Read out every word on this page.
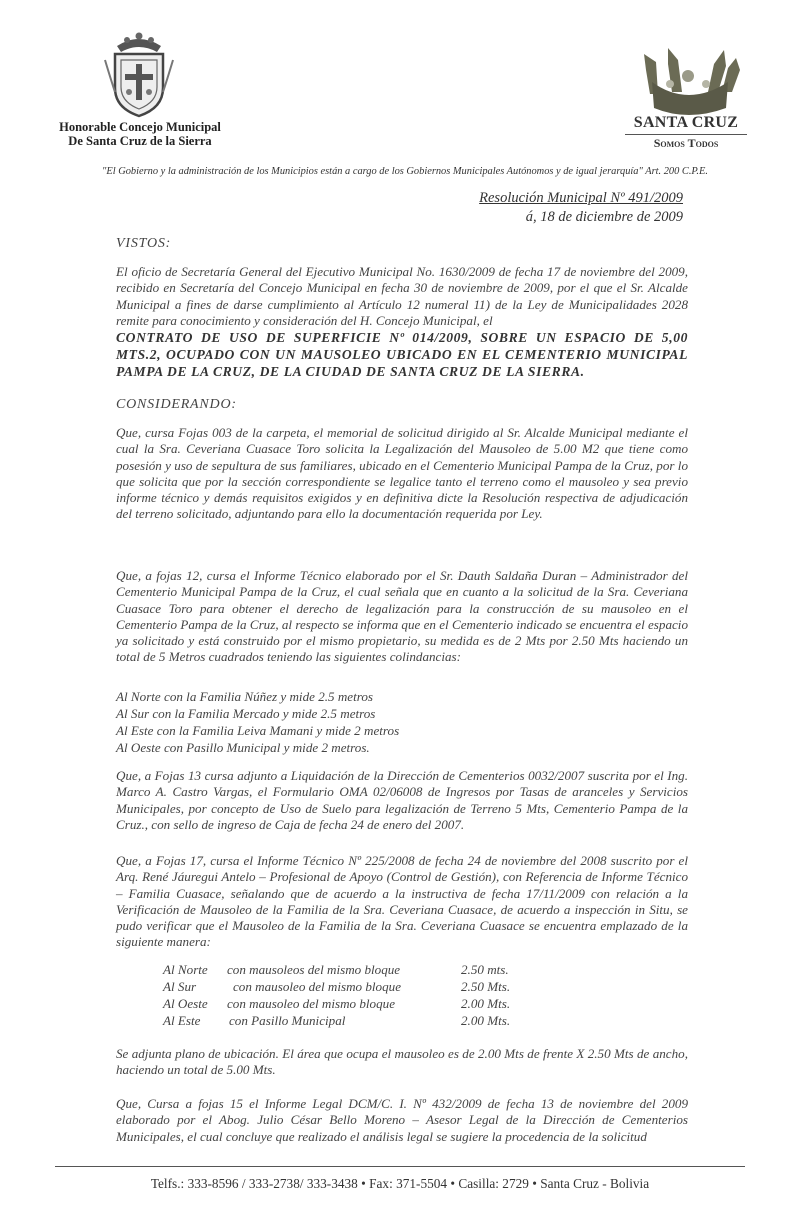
Honorable Concejo Municipal
De Santa Cruz de la Sierra
SANTA CRUZ
Somos Todos
"El Gobierno y la administración de los Municipios están a cargo de los Gobiernos Municipales Autónomos y de igual jerarquía" Art. 200 C.P.E.
Resolución Municipal Nº 491/2009
á, 18 de diciembre de 2009
VISTOS:

El oficio de Secretaría General del Ejecutivo Municipal No. 1630/2009 de fecha 17 de noviembre del 2009, recibido en Secretaría del Concejo Municipal en fecha 30 de noviembre de 2009, por el que el Sr. Alcalde Municipal a fines de darse cumplimiento al Artículo 12 numeral 11) de la Ley de Municipalidades 2028 remite para conocimiento y consideración del H. Concejo Municipal, el

CONTRATO DE USO DE SUPERFICIE Nº 014/2009, SOBRE UN ESPACIO DE 5,00 MTS.2, OCUPADO CON UN MAUSOLEO UBICADO EN EL CEMENTERIO MUNICIPAL PAMPA DE LA CRUZ, DE LA CIUDAD DE SANTA CRUZ DE LA SIERRA.

CONSIDERANDO:
Que, cursa Fojas 003 de la carpeta, el memorial de solicitud dirigido al Sr. Alcalde Municipal mediante el cual la Sra. Ceveriana Cuasace Toro solicita la Legalización del Mausoleo de 5.00 M2 que tiene como posesión y uso de sepultura de sus familiares, ubicado en el Cementerio Municipal Pampa de la Cruz, por lo que solicita que por la sección correspondiente se legalice tanto el terreno como el mausoleo y sea previo informe técnico y demás requisitos exigidos y en definitiva dicte la Resolución respectiva de adjudicación del terreno solicitado, adjuntando para ello la documentación requerida por Ley.
Que, a fojas 12, cursa el Informe Técnico elaborado por el Sr. Dauth Saldaña Duran – Administrador del Cementerio Municipal Pampa de la Cruz, el cual señala que en cuanto a la solicitud de la Sra. Ceveriana Cuasace Toro para obtener el derecho de legalización para la construcción de su mausoleo en el Cementerio Pampa de la Cruz, al respecto se informa que en el Cementerio indicado se encuentra el espacio ya solicitado y está construido por el mismo propietario, su medida es de 2 Mts por 2.50 Mts haciendo un total de 5 Metros cuadrados teniendo las siguientes colindancias:
Al Norte con la Familia Núñez y mide 2.5 metros
Al Sur con la Familia Mercado y mide 2.5 metros
Al Este con la Familia Leiva Mamani y mide 2 metros
Al Oeste con Pasillo Municipal y mide 2 metros.
Que, a Fojas 13 cursa adjunto a Liquidación de la Dirección de Cementerios 0032/2007 suscrita por el Ing. Marco A. Castro Vargas, el Formulario OMA 02/06008 de Ingresos por Tasas de aranceles y Servicios Municipales, por concepto de Uso de Suelo para legalización de Terreno 5 Mts, Cementerio Pampa de la Cruz., con sello de ingreso de Caja de fecha 24 de enero del 2007.
Que, a Fojas 17, cursa el Informe Técnico Nº 225/2008 de fecha 24 de noviembre del 2008 suscrito por el Arq. René Jáuregui Antelo – Profesional de Apoyo (Control de Gestión), con Referencia de Informe Técnico – Familia Cuasace, señalando que de acuerdo a la instructiva de fecha 17/11/2009 con relación a la Verificación de Mausoleo de la Familia de la Sra. Ceveriana Cuasace, de acuerdo a inspección in Situ, se pudo verificar que el Mausoleo de la Familia de la Sra. Ceveriana Cuasace se encuentra emplazado de la siguiente manera:
Al Norte	con mausoleos del mismo bloque	2.50 mts.
Al Sur	con mausoleo del mismo bloque	2.50 Mts.
Al Oeste	con mausoleo del mismo bloque	2.00 Mts.
Al Este	con Pasillo Municipal	2.00 Mts.
Se adjunta plano de ubicación. El área que ocupa el mausoleo es de 2.00 Mts de frente X 2.50 Mts de ancho, haciendo un total de 5.00 Mts.
Que, Cursa a fojas 15 el Informe Legal DCM/C. I. Nº 432/2009 de fecha 13 de noviembre del 2009 elaborado por el Abog. Julio César Bello Moreno – Asesor Legal de la Dirección de Cementerios Municipales, el cual concluye que realizado el análisis legal se sugiere la procedencia de la solicitud
Telfs.: 333-8596 / 333-2738/ 333-3438 • Fax: 371-5504 • Casilla: 2729 • Santa Cruz - Bolivia
